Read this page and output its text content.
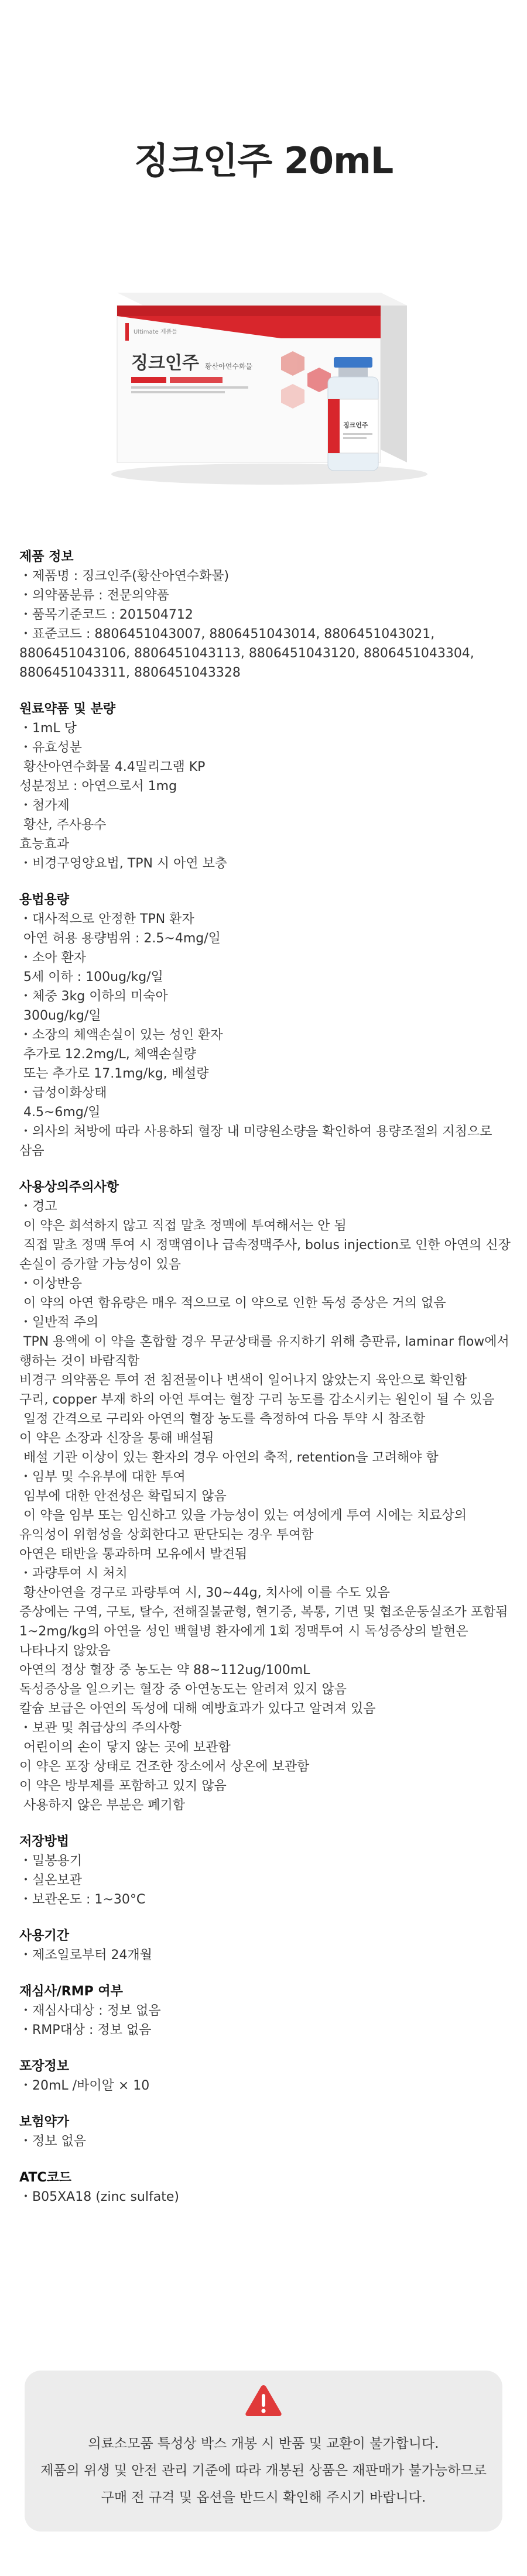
징크인주 20mL
Ultimate 제품들
징크인주 황산아연수화물
징크인주
제품 정보
・제품명 : 징크인주(황산아연수화물)
・의약품분류 : 전문의약품
・품목기준코드 : 201504712
・표준코드 : 8806451043007, 8806451043014, 8806451043021, 8806451043106, 8806451043113, 8806451043120, 8806451043304, 8806451043311, 8806451043328
원료약품 및 분량
・1mL 당
・유효성분
황산아연수화물 4.4밀리그램 KP
성분정보 : 아연으로서 1mg
・첨가제
황산, 주사용수
효능효과
・비경구영양요법, TPN 시 아연 보충
용법용량
・대사적으로 안정한 TPN 환자
아연 허용 용량범위 : 2.5~4mg/일
・소아 환자
5세 이하 : 100ug/kg/일
・체중 3kg 이하의 미숙아
300ug/kg/일
・소장의 체액손실이 있는 성인 환자
추가로 12.2mg/L, 체액손실량
또는 추가로 17.1mg/kg, 배설량
・급성이화상태
4.5~6mg/일
・의사의 처방에 따라 사용하되 혈장 내 미량원소량을 확인하여 용량조절의 지침으로 삼음
사용상의주의사항
・경고
이 약은 희석하지 않고 직접 말초 정맥에 투여해서는 안 됨
직접 말초 정맥 투여 시 정맥염이나 급속정맥주사, bolus injection로 인한 아연의 신장 손실이 증가할 가능성이 있음
・이상반응
이 약의 아연 함유량은 매우 적으므로 이 약으로 인한 독성 증상은 거의 없음
・일반적 주의
TPN 용액에 이 약을 혼합할 경우 무균상태를 유지하기 위해 층판류, laminar flow에서 행하는 것이 바람직함
비경구 의약품은 투여 전 침전물이나 변색이 일어나지 않았는지 육안으로 확인함
구리, copper 부재 하의 아연 투여는 혈장 구리 농도를 감소시키는 원인이 될 수 있음
일정 간격으로 구리와 아연의 혈장 농도를 측정하여 다음 투약 시 참조함
이 약은 소장과 신장을 통해 배설됨
배설 기관 이상이 있는 환자의 경우 아연의 축적, retention을 고려해야 함
・임부 및 수유부에 대한 투여
임부에 대한 안전성은 확립되지 않음
이 약을 임부 또는 임신하고 있을 가능성이 있는 여성에게 투여 시에는 치료상의 유익성이 위험성을 상회한다고 판단되는 경우 투여함
아연은 태반을 통과하며 모유에서 발견됨
・과량투여 시 처치
황산아연을 경구로 과량투여 시, 30~44g, 치사에 이를 수도 있음
증상에는 구역, 구토, 탈수, 전해질불균형, 현기증, 복통, 기면 및 협조운동실조가 포함됨
1~2mg/kg의 아연을 성인 백혈병 환자에게 1회 정맥투여 시 독성증상의 발현은 나타나지 않았음
아연의 정상 혈장 중 농도는 약 88~112ug/100mL
독성증상을 일으키는 혈장 중 아연농도는 알려져 있지 않음
칼슘 보급은 아연의 독성에 대해 예방효과가 있다고 알려져 있음
・보관 및 취급상의 주의사항
어린이의 손이 닿지 않는 곳에 보관함
이 약은 포장 상태로 건조한 장소에서 상온에 보관함
이 약은 방부제를 포함하고 있지 않음
사용하지 않은 부분은 폐기함
저장방법
・밀봉용기
・실온보관
・보관온도 : 1~30°C
사용기간
・제조일로부터 24개월
재심사/RMP 여부
・재심사대상 : 정보 없음
・RMP대상 : 정보 없음
포장정보
・20mL /바이알 × 10
보험약가
・정보 없음
ATC코드
・B05XA18 (zinc sulfate)
의료소모품 특성상 박스 개봉 시 반품 및 교환이 불가합니다.
제품의 위생 및 안전 관리 기준에 따라 개봉된 상품은 재판매가 불가능하므로
구매 전 규격 및 옵션을 반드시 확인해 주시기 바랍니다.
